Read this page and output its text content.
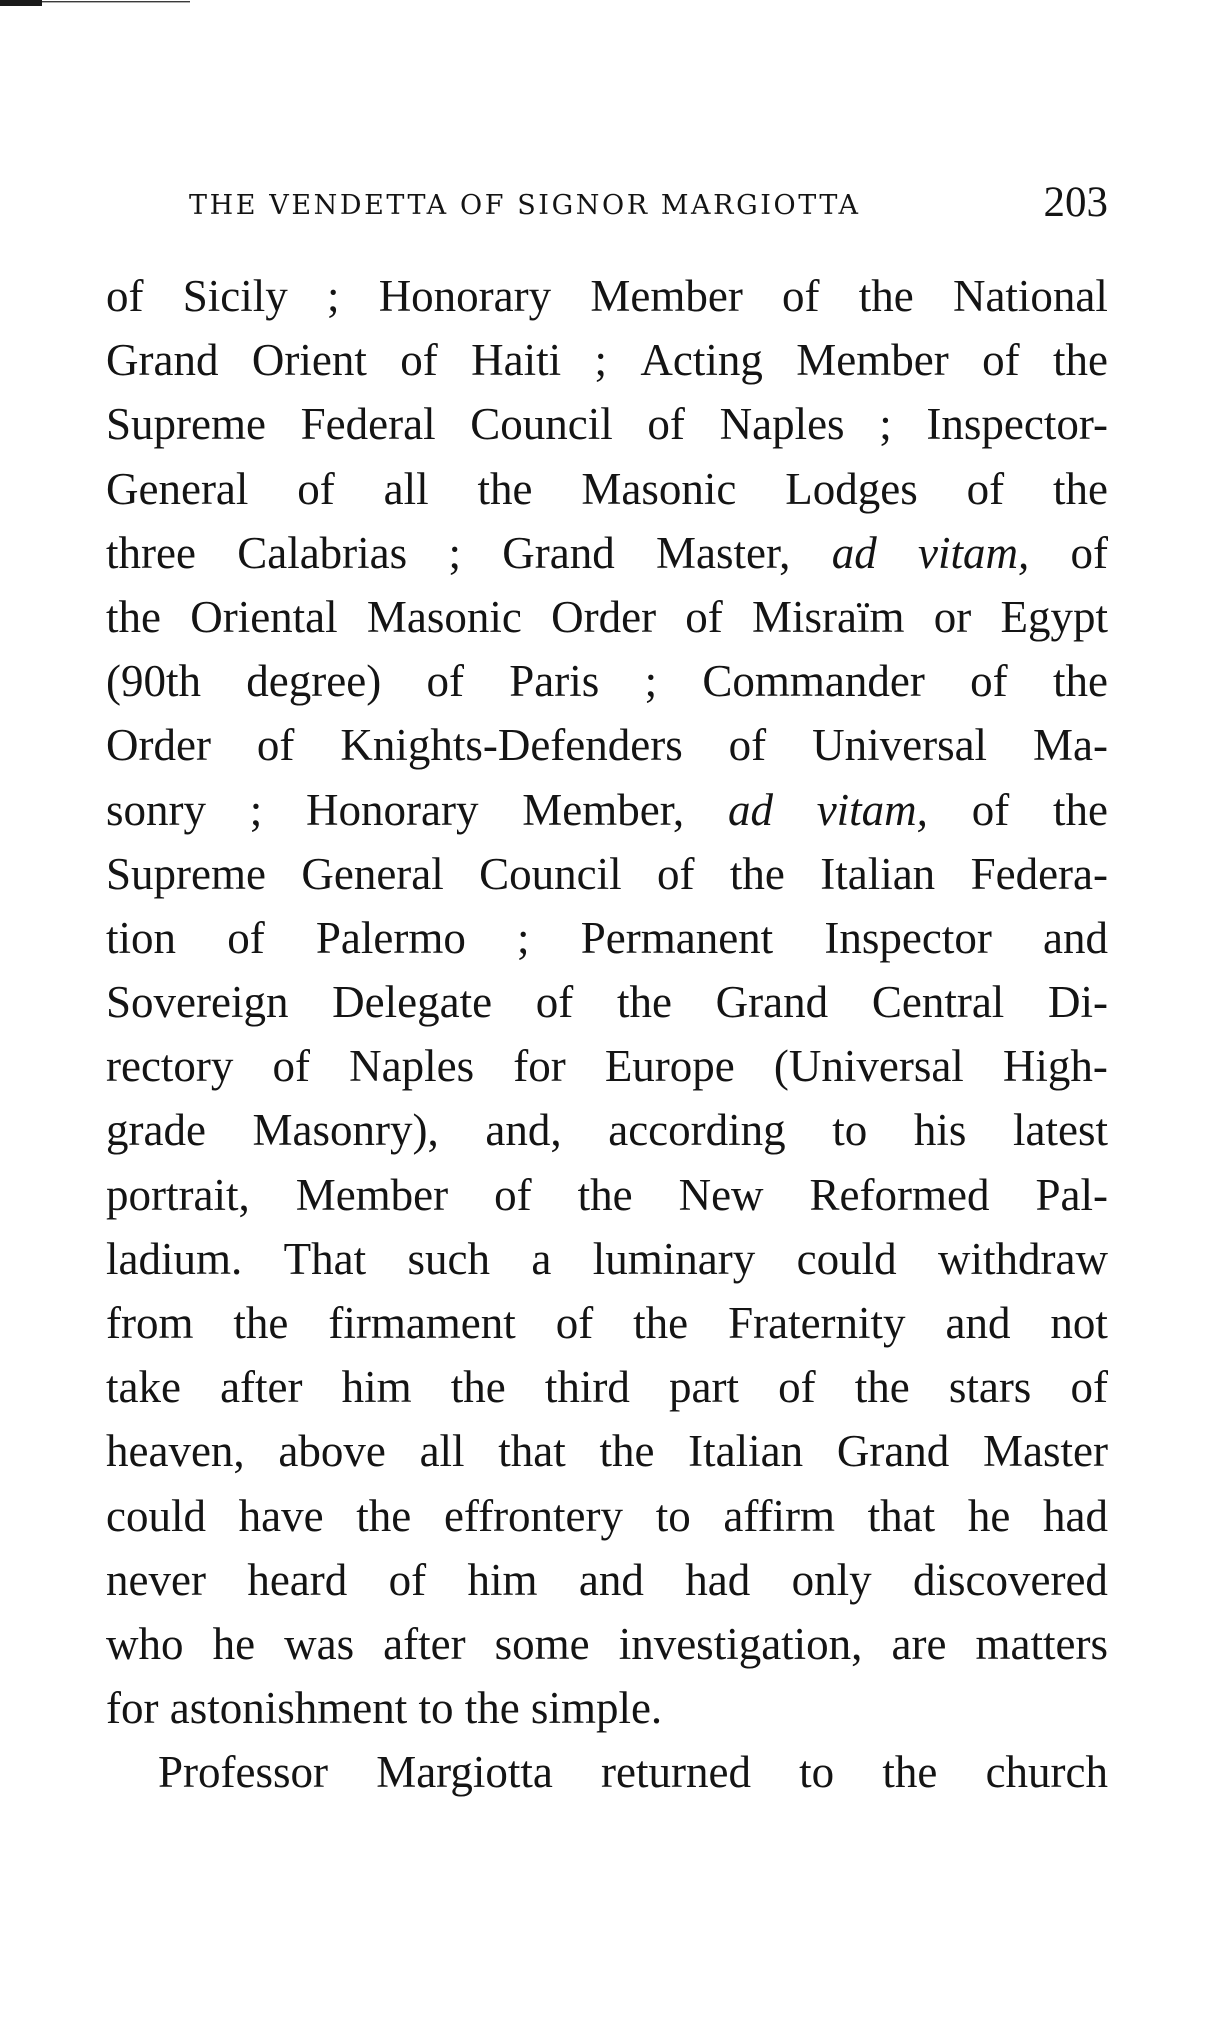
THE VENDETTA OF SIGNOR MARGIOTTA	203
of Sicily ; Honorary Member of the National
Grand Orient of Haiti ; Acting Member of the
Supreme Federal Council of Naples ; Inspector-
General of all the Masonic Lodges of the
three Calabrias ; Grand Master, ad vitam, of
the Oriental Masonic Order of Misraïm or Egypt
(90th degree) of Paris ; Commander of the
Order of Knights-Defenders of Universal Ma-
sonry ; Honorary Member, ad vitam, of the
Supreme General Council of the Italian Federa-
tion of Palermo ; Permanent Inspector and
Sovereign Delegate of the Grand Central Di-
rectory of Naples for Europe (Universal High-
grade Masonry), and, according to his latest
portrait, Member of the New Reformed Pal-
ladium. That such a luminary could withdraw
from the firmament of the Fraternity and not
take after him the third part of the stars of
heaven, above all that the Italian Grand Master
could have the effrontery to affirm that he had
never heard of him and had only discovered
who he was after some investigation, are matters
for astonishment to the simple.
Professor Margiotta returned to the church
